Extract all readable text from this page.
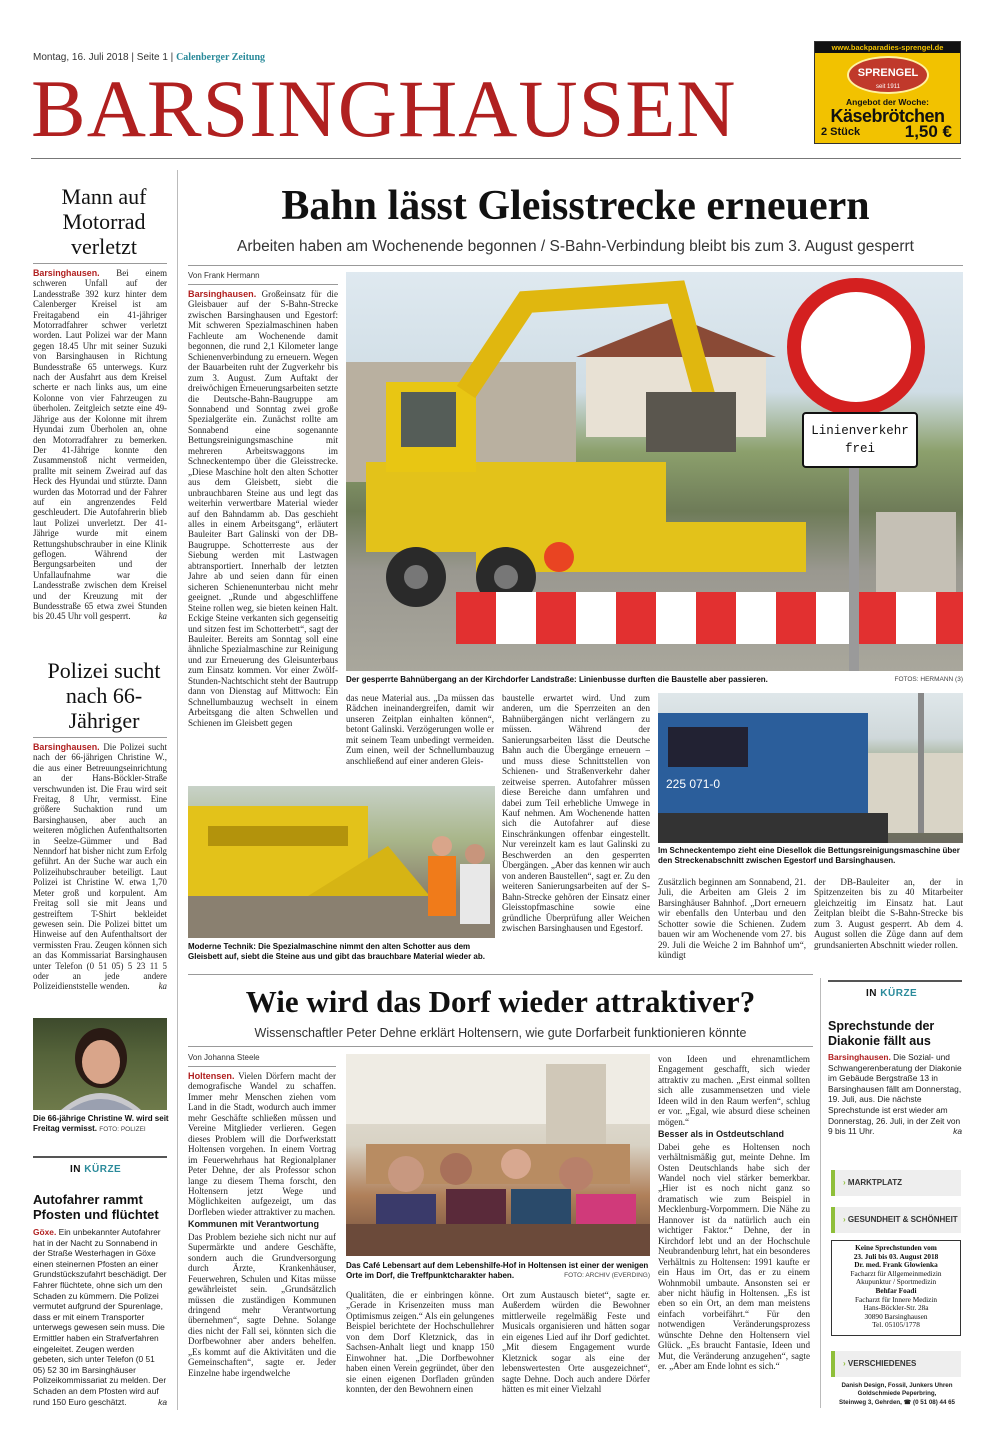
Montag, 16. Juli 2018 | Seite 1 | Calenberger Zeitung
BARSINGHAUSEN
www.backparadies-sprengel.de
SPRENGEL
seit 1911
Angebot der Woche:
Käsebrötchen
2 Stück	1,50 €
Mann auf Motorrad verletzt
Barsinghausen. Bei einem schweren Unfall auf der Landesstraße 392 kurz hinter dem Calenberger Kreisel ist am Freitagabend ein 41-jähriger Motorradfahrer schwer verletzt worden. Laut Polizei war der Mann gegen 18.45 Uhr mit seiner Suzuki von Barsinghausen in Richtung Bundesstraße 65 unterwegs. Kurz nach der Ausfahrt aus dem Kreisel scherte er nach links aus, um eine Kolonne von vier Fahrzeugen zu überholen. Zeitgleich setzte eine 49-Jährige aus der Kolonne mit ihrem Hyundai zum Überholen an, ohne den Motorradfahrer zu bemerken. Der 41-Jährige konnte den Zusammenstoß nicht vermeiden, prallte mit seinem Zweirad auf das Heck des Hyundai und stürzte. Dann wurden das Motorrad und der Fahrer auf ein angrenzendes Feld geschleudert. Die Autofahrerin blieb laut Polizei unverletzt. Der 41-Jährige wurde mit einem Rettungshubschrauber in eine Klinik geflogen. Während der Bergungsarbeiten und der Unfallaufnahme war die Landesstraße zwischen dem Kreisel und der Kreuzung mit der Bundesstraße 65 etwa zwei Stunden bis 20.45 Uhr voll gesperrt.	ka
Polizei sucht nach 66-Jähriger
Barsinghausen. Die Polizei sucht nach der 66-jährigen Christine W., die aus einer Betreuungseinrichtung an der Hans-Böckler-Straße verschwunden ist. Die Frau wird seit Freitag, 8 Uhr, vermisst. Eine größere Suchaktion rund um Barsinghausen, aber auch an weiteren möglichen Aufenthaltsorten in Seelze-Gümmer und Bad Nenndorf hat bisher nicht zum Erfolg geführt. An der Suche war auch ein Polizeihubschrauber beteiligt. Laut Polizei ist Christine W. etwa 1,70 Meter groß und korpulent. Am Freitag soll sie mit Jeans und gestreiftem T-Shirt bekleidet gewesen sein. Die Polizei bittet um Hinweise auf den Aufenthaltsort der vermissten Frau. Zeugen können sich an das Kommissariat Barsinghausen unter Telefon (0 51 05) 5 23 11 5 oder an jede andere Polizeidienststelle wenden.	ka
Die 66-jährige Christine W. wird seit Freitag vermisst. FOTO: POLIZEI
IN KÜRZE
Autofahrer rammt Pfosten und flüchtet
Göxe. Ein unbekannter Autofahrer hat in der Nacht zu Sonnabend in der Straße Westerhagen in Göxe einen steinernen Pfosten an einer Grundstückszufahrt beschädigt. Der Fahrer flüchtete, ohne sich um den Schaden zu kümmern. Die Polizei vermutet aufgrund der Spurenlage, dass er mit einem Transporter unterwegs gewesen sein muss. Die Ermittler haben ein Strafverfahren eingeleitet. Zeugen werden gebeten, sich unter Telefon (0 51 05) 52 30 im Barsinghäuser Polizeikommissariat zu melden. Der Schaden an dem Pfosten wird auf rund 150 Euro geschätzt.	ka
Bahn lässt Gleisstrecke erneuern
Arbeiten haben am Wochenende begonnen / S-Bahn-Verbindung bleibt bis zum 3. August gesperrt
Von Frank Hermann
Barsinghausen. Großeinsatz für die Gleisbauer auf der S-Bahn-Strecke zwischen Barsinghausen und Egestorf: Mit schweren Spezialmaschinen haben Fachleute am Wochenende damit begonnen, die rund 2,1 Kilometer lange Schienenverbindung zu erneuern. Wegen der Bauarbeiten ruht der Zugverkehr bis zum 3. August. Zum Auftakt der dreiwöchigen Erneuerungsarbeiten setzte die Deutsche-Bahn-Baugruppe am Sonnabend und Sonntag zwei große Spezialgeräte ein. Zunächst rollte am Sonnabend eine sogenannte Bettungsreinigungsmaschine mit mehreren Arbeitswaggons im Schneckentempo über die Gleisstrecke. „Diese Maschine holt den alten Schotter aus dem Gleisbett, siebt die unbrauchbaren Steine aus und legt das weiterhin verwertbare Material wieder auf den Bahndamm ab. Das geschieht alles in einem Arbeitsgang“, erläutert Bauleiter Bart Galinski von der DB-Baugruppe. Schotterreste aus der Siebung werden mit Lastwagen abtransportiert. Innerhalb der letzten Jahre ab und seien dann für einen sicheren Schienenunterbau nicht mehr geeignet. „Runde und abgeschliffene Steine rollen weg, sie bieten keinen Halt. Eckige Steine verkanten sich gegenseitig und sitzen fest im Schotterbett“, sagt der Bauleiter. Bereits am Sonntag soll eine ähnliche Spezialmaschine zur Reinigung und zur Erneuerung des Gleisunterbaus zum Einsatz kommen. Vor einer Zwölf-Stunden-Nachtschicht steht der Bautrupp dann von Dienstag auf Mittwoch: Ein Schnellumbauzug wechselt in einem Arbeitsgang die alten Schwellen und Schienen im Gleisbett gegen
Linienverkehr
frei
Der gesperrte Bahnübergang an der Kirchdorfer Landstraße: Linienbusse durften die Baustelle aber passieren.	FOTOS: HERMANN (3)
das neue Material aus. „Da müssen das Rädchen ineinandergreifen, damit wir unseren Zeitplan einhalten können“, betont Galinski. Verzögerungen wolle er mit seinem Team unbedingt vermeiden. Zum einen, weil der Schnellumbauzug anschließend auf einer anderen Gleis-
baustelle erwartet wird. Und zum anderen, um die Sperrzeiten an den Bahnübergängen nicht verlängern zu müssen. Während der Sanierungsarbeiten lässt die Deutsche Bahn auch die Übergänge erneuern – und muss diese Schnittstellen von Schienen- und Straßenverkehr daher zeitweise sperren. Autofahrer müssen diese Bereiche dann umfahren und dabei zum Teil erhebliche Umwege in Kauf nehmen. Am Wochenende hatten sich die Autofahrer auf diese Einschränkungen offenbar eingestellt. Nur vereinzelt kam es laut Galinski zu Beschwerden an den gesperrten Übergängen. „Aber das kennen wir auch von anderen Baustellen“, sagt er. Zu den weiteren Sanierungsarbeiten auf der S-Bahn-Strecke gehören der Einsatz einer Gleisstopfmaschine sowie eine gründliche Überprüfung aller Weichen zwischen Barsinghausen und Egestorf.
225 071-0
Im Schneckentempo zieht eine Diesellok die Bettungsreinigungsmaschine über den Streckenabschnitt zwischen Egestorf und Barsinghausen.
Zusätzlich beginnen am Sonnabend, 21. Juli, die Arbeiten am Gleis 2 im Barsinghäuser Bahnhof. „Dort erneuern wir ebenfalls den Unterbau und den Schotter sowie die Schienen. Zudem bauen wir am Wochenende vom 27. bis 29. Juli die Weiche 2 im Bahnhof um“, kündigt
der DB-Bauleiter an, der in Spitzenzeiten bis zu 40 Mitarbeiter gleichzeitig im Einsatz hat. Laut Zeitplan bleibt die S-Bahn-Strecke bis zum 3. August gesperrt. Ab dem 4. August sollen die Züge dann auf dem grundsanierten Abschnitt wieder rollen.
Moderne Technik: Die Spezialmaschine nimmt den alten Schotter aus dem Gleisbett auf, siebt die Steine aus und gibt das brauchbare Material wieder ab.
Wie wird das Dorf wieder attraktiver?
Wissenschaftler Peter Dehne erklärt Holtensern, wie gute Dorfarbeit funktionieren könnte
Von Johanna Steele
Holtensen. Vielen Dörfern macht der demografische Wandel zu schaffen. Immer mehr Menschen ziehen vom Land in die Stadt, wodurch auch immer mehr Geschäfte schließen müssen und Vereine Mitglieder verlieren. Gegen dieses Problem will die Dorfwerkstatt Holtensen vorgehen. In einem Vortrag im Feuerwehrhaus hat Regionalplaner Peter Dehne, der als Professor schon lange zu diesem Thema forscht, den Holtensern jetzt Wege und Möglichkeiten aufgezeigt, um das Dorfleben wieder attraktiver zu machen.
Kommunen mit Verantwortung
Das Problem beziehe sich nicht nur auf Supermärkte und andere Geschäfte, sondern auch die Grundversorgung durch Ärzte, Krankenhäuser, Feuerwehren, Schulen und Kitas müsse gewährleistet sein. „Grundsätzlich müssen die zuständigen Kommunen dringend mehr Verantwortung übernehmen“, sagte Dehne. Solange dies nicht der Fall sei, könnten sich die Dorfbewohner aber anders behelfen. „Es kommt auf die Aktivitäten und die Gemeinschaften“, sagte er. Jeder Einzelne habe irgendwelche
Das Café Lebensart auf dem Lebenshilfe-Hof in Holtensen ist einer der wenigen Orte im Dorf, die Treffpunktcharakter haben.	FOTO: ARCHIV (EVERDING)
Qualitäten, die er einbringen könne. „Gerade in Krisenzeiten muss man Optimismus zeigen.“ Als ein gelungenes Beispiel berichtete der Hochschullehrer von dem Dorf Kletznick, das in Sachsen-Anhalt liegt und knapp 150 Einwohner hat. „Die Dorfbewohner haben einen Verein gegründet, über den sie einen eigenen Dorfladen gründen konnten, der den Bewohnern einen
Ort zum Austausch bietet“, sagte er. Außerdem würden die Bewohner mittlerweile regelmäßig Feste und Musicals organisieren und hätten sogar ein eigenes Lied auf ihr Dorf gedichtet. „Mit diesem Engagement wurde Kletznick sogar als eine der lebenswertesten Orte ausgezeichnet“, sagte Dehne. Doch auch andere Dörfer hätten es mit einer Vielzahl
von Ideen und ehrenamtlichem Engagement geschafft, sich wieder attraktiv zu machen. „Erst einmal sollten sich alle zusammensetzen und viele Ideen wild in den Raum werfen“, schlug er vor. „Egal, wie absurd diese scheinen mögen.“
Besser als in Ostdeutschland
Dabei gehe es Holtensen noch verhältnismäßig gut, meinte Dehne. Im Osten Deutschlands habe sich der Wandel noch viel stärker bemerkbar. „Hier ist es noch nicht ganz so dramatisch wie zum Beispiel in Mecklenburg-Vorpommern. Die Nähe zu Hannover ist da natürlich auch ein wichtiger Faktor.“ Dehne, der in Kirchdorf lebt und an der Hochschule Neubrandenburg lehrt, hat ein besonderes Verhältnis zu Holtensen: 1991 kaufte er ein Haus im Ort, das er zu einem Wohnmobil umbaute. Ansonsten sei er aber nicht häufig in Holtensen. „Es ist eben so ein Ort, an dem man meistens einfach vorbeifährt.“ Für den notwendigen Veränderungsprozess wünschte Dehne den Holtensern viel Glück. „Es braucht Fantasie, Ideen und Mut, die Veränderung anzugehen“, sagte er. „Aber am Ende lohnt es sich.“
IN KÜRZE
Sprechstunde der Diakonie fällt aus
Barsinghausen. Die Sozial- und Schwangerenberatung der Diakonie im Gebäude Bergstraße 13 in Barsinghausen fällt am Donnerstag, 19. Juli, aus. Die nächste Sprechstunde ist erst wieder am Donnerstag, 26. Juli, in der Zeit von 9 bis 11 Uhr.	ka
› MARKTPLATZ
› GESUNDHEIT & SCHÖNHEIT
Keine Sprechstunden vom
23. Juli bis 03. August 2018
Dr. med. Frank Glowienka
Facharzt für Allgemeinmedizin
Akupunktur / Sportmedizin
Behfar Foadi
Facharzt für Innere Medizin
Hans-Böckler-Str. 28a
30890 Barsinghausen
Tel. 05105/1778
› VERSCHIEDENES
Danish Design, Fossil, Junkers Uhren
Goldschmiede Peperbring,
Steinweg 3, Gehrden, ☎ (0 51 08) 44 65
